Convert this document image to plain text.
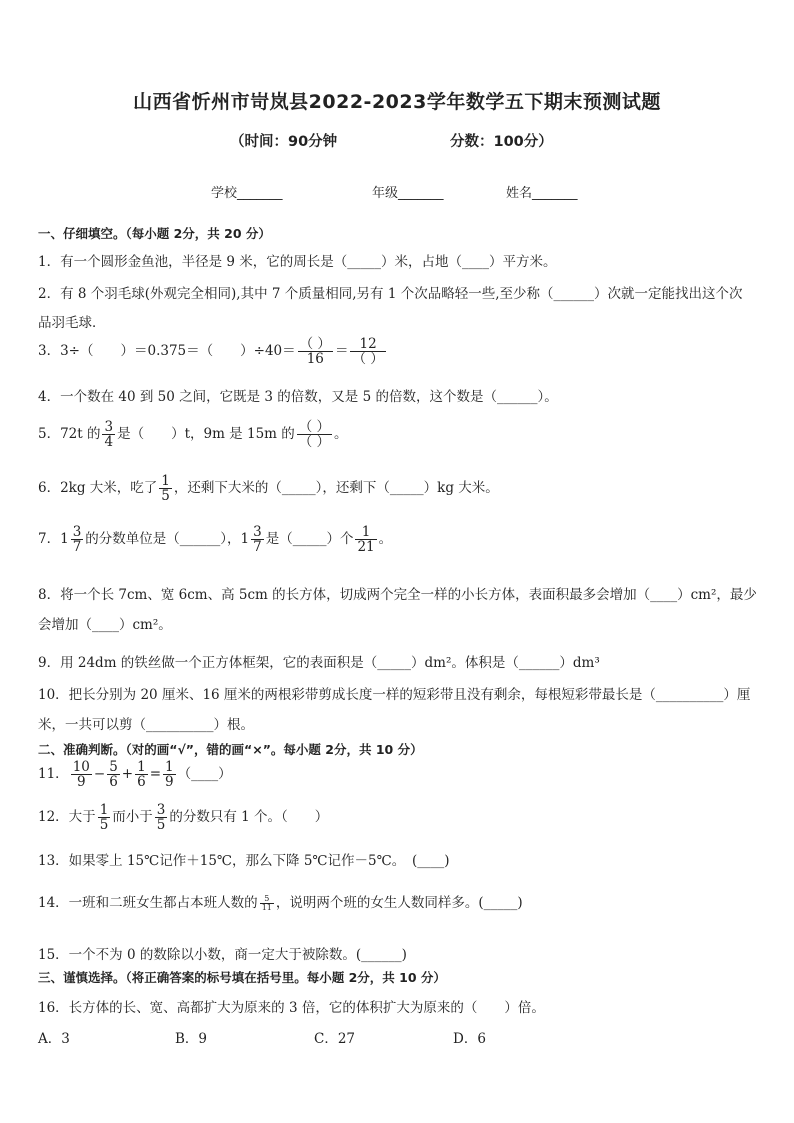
山西省忻州市岢岚县2022-2023学年数学五下期末预测试题
（时间：90分钟	分数：100分）
学校_______	年级_______	姓名_______
一、仔细填空。（每小题 2分，共 20 分）
1．有一个圆形金鱼池，半径是 9 米，它的周长是（_____）米，占地（____）平方米。
2．有 8 个羽毛球(外观完全相同),其中 7 个质量相同,另有 1 个次品略轻一些,至少称（______）次就一定能找出这个次
品羽毛球．
3．3÷（　　）＝0.375＝（　　）$\div 40= \frac{( )}{16} = \frac{12}{( )}$
4．一个数在 40 到 50 之间，它既是 3 的倍数，又是 5 的倍数，这个数是（______）。
5．72t 的 $\frac{3}{4}$ 是（　　）t，9m 是 15m 的 $\frac{( )}{( )}$ 。
6．2kg 大米，吃了 $\frac{1}{5}$ ，还剩下大米的（_____），还剩下（_____）kg 大米。
7．$1 \frac{3}{7}$ 的分数单位是（______），$1 \frac{3}{7}$ 是（_____）个 $\frac{1}{21}$ 。
8．将一个长 7cm、宽 6cm、高 5cm 的长方体，切成两个完全一样的小长方体，表面积最多会增加（____）cm²，最少
会增加（____）cm²。
9．用 24dm 的铁丝做一个正方体框架，它的表面积是（_____）dm²。体积是（______）dm³
10．把长分别为 20 厘米、16 厘米的两根彩带剪成长度一样的短彩带且没有剩余，每根短彩带最长是（__________）厘
米，一共可以剪（__________）根。
二、准确判断。（对的画“√”，错的画“×”。每小题 2分，共 10 分）
11． $\frac{10}{9} - \frac{5}{6} + \frac{1}{6} = \frac{1}{9}$ （____）
12．大于 $\frac{1}{5}$ 而小于 $\frac{3}{5}$ 的分数只有 1 个。（　　）
13．如果零上 15℃记作＋15℃，那么下降 5℃记作－5℃。　(____)
14．一班和二班女生都占本班人数的 $\frac{5}{11}$ ，说明两个班的女生人数同样多。(_____)
15．一个不为 0 的数除以小数，商一定大于被除数。(______)
三、谨慎选择。（将正确答案的标号填在括号里。每小题 2分，共 10 分）
16．长方体的长、宽、高都扩大为原来的 3 倍，它的体积扩大为原来的（　　）倍。
A．3	B．9	C．27	D．6
